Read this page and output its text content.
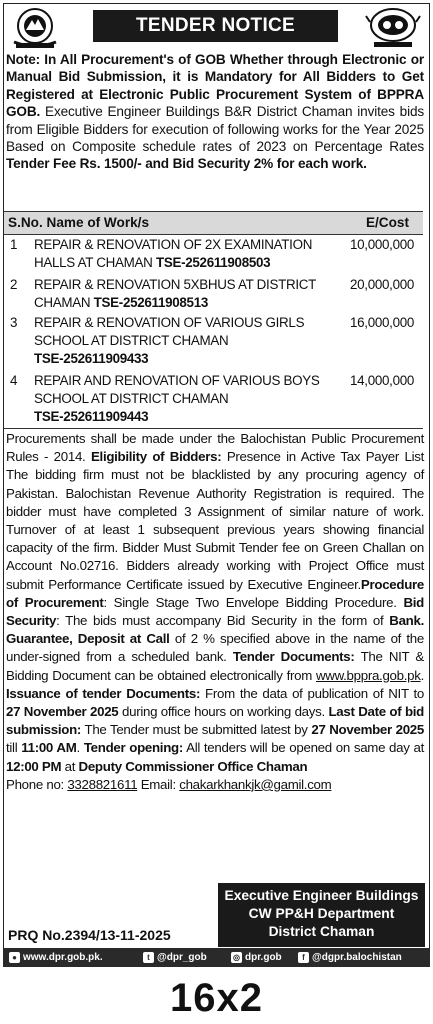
TENDER NOTICE
Note: In All Procurement's of GOB Whether through Electronic or Manual Bid Submission, it is Mandatory for All Bidders to Get Registered at Electronic Public Procurement System of BPPRA GOB. Executive Engineer Buildings B&R District Chaman invites bids from Eligible Bidders for execution of following works for the Year 2025 Based on Composite schedule rates of 2023 on Percentage Rates Tender Fee Rs. 1500/- and Bid Security 2% for each work.
S.No. Name of Work/s	E/Cost
1 REPAIR & RENOVATION OF 2X EXAMINATION
HALLS AT CHAMAN TSE-252611908503
10,000,000
2 REPAIR & RENOVATION 5XBHUS AT DISTRICT
CHAMAN TSE-252611908513
20,000,000
3 REPAIR & RENOVATION OF VARIOUS GIRLS
SCHOOL AT DISTRICT CHAMAN
TSE-252611909433
16,000,000
4 REPAIR AND RENOVATION OF VARIOUS BOYS
SCHOOL AT DISTRICT CHAMAN
TSE-252611909443
14,000,000
Procurements shall be made under the Balochistan Public Procurement Rules - 2014. Eligibility of Bidders: Presence in Active Tax Payer List The bidding firm must not be blacklisted by any procuring agency of Pakistan. Balochistan Revenue Authority Registration is required. The bidder must have completed 3 Assignment of similar nature of work. Turnover of at least 1 subsequent previous years showing financial capacity of the firm. Bidder Must Submit Tender fee on Green Challan on Account No.02716. Bidders already working with Project Office must submit Performance Certificate issued by Executive Engineer.Procedure of Procurement: Single Stage Two Envelope Bidding Procedure. Bid Security: The bids must accompany Bid Security in the form of Bank. Guarantee, Deposit at Call of 2 % specified above in the name of the under-signed from a scheduled bank. Tender Documents: The NIT & Bidding Document can be obtained electronically from www.bppra.gob.pk. Issuance of tender Documents: From the data of publication of NIT to 27 November 2025 during office hours on working days. Last Date of bid submission: The Tender must be submitted latest by 27 November 2025 till 11:00 AM. Tender opening: All tenders will be opened on same day at 12:00 PM at Deputy Commissioner Office Chaman
Phone no: 3328821611 Email: chakarkhankjk@gamil.com
PRQ No.2394/13-11-2025
Executive Engineer Buildings
CW PP&H Department
District Chaman
● www.dpr.gob.pk.	t @dpr_gob	◎ dpr.gob	f @dgpr.balochistan
16x2
